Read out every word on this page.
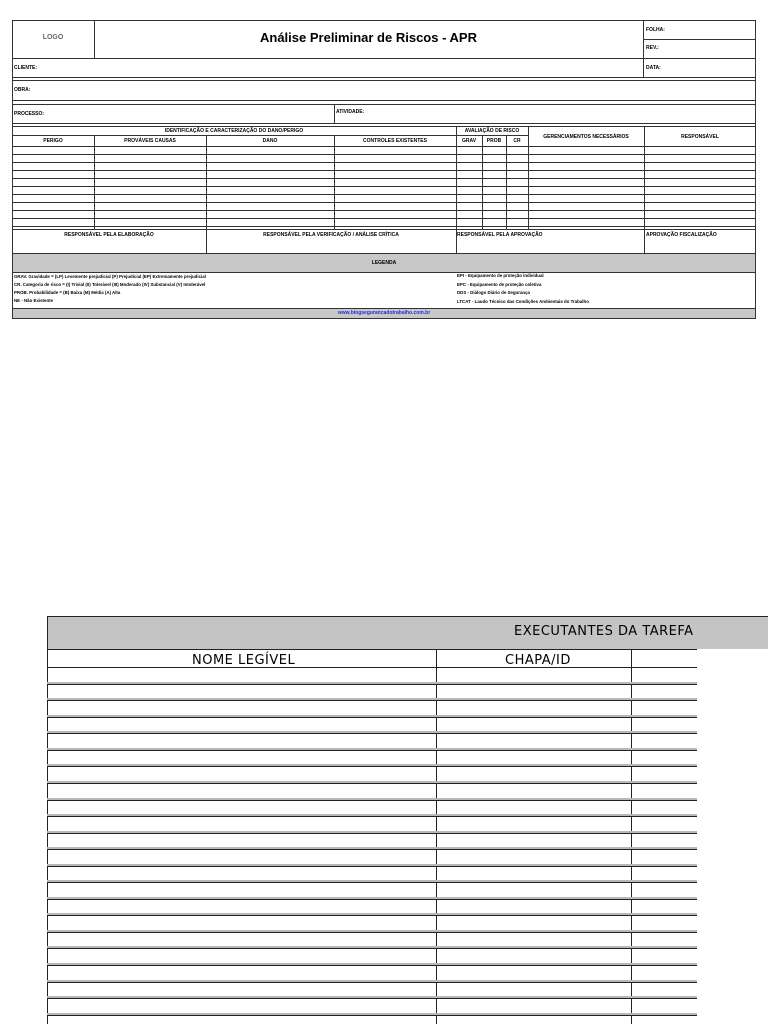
LOGO	Análise Preliminar de Riscos - APR	FOLHA:
REV.:
CLIENTE:	DATA:
OBRA:
PROCESSO:	ATIVIDADE:
IDENTIFICAÇÃO E CARACTERIZAÇÃO DO DANO/PERIGO	AVALIAÇÃO DE RISCO
GERENCIAMENTOS NECESSÁRIOS	RESPONSÁVEL
PERIGO	PROVÁVEIS CAUSAS	DANO	CONTROLES EXISTENTES	GRAV	PROB	CR
RESPONSÁVEL PELA ELABORAÇÃO	RESPONSÁVEL PELA VERIFICAÇÃO / ANÁLISE CRÍTICA	RESPONSÁVEL PELA APROVAÇÃO	APROVAÇÃO FISCALIZAÇÃO
LEGENDA
GRAV. Gravidade = (LP) Levemente prejudicial (P) Prejudicial (EP) Extremamente prejudicial
CR. Categoria de risco = (I) Trivial (II) Tolerável (III) Moderado (IV) Substancial (V) Intolerável
PROB. Probabilidade = (B) Baixa (M) Média (A) Alta
NE - Não Existente
EPI - Equipamento de proteção individual
EPC - Equipamento de proteção coletiva
DDS - Diálogo Diário de Segurança
LTCAT - Laudo Técnico das Condições Ambientais do Trabalho
www.blogsegurancadotrabalho.com.br
EXECUTANTES DA TAREFA
NOME LEGÍVEL	CHAPA/ID
